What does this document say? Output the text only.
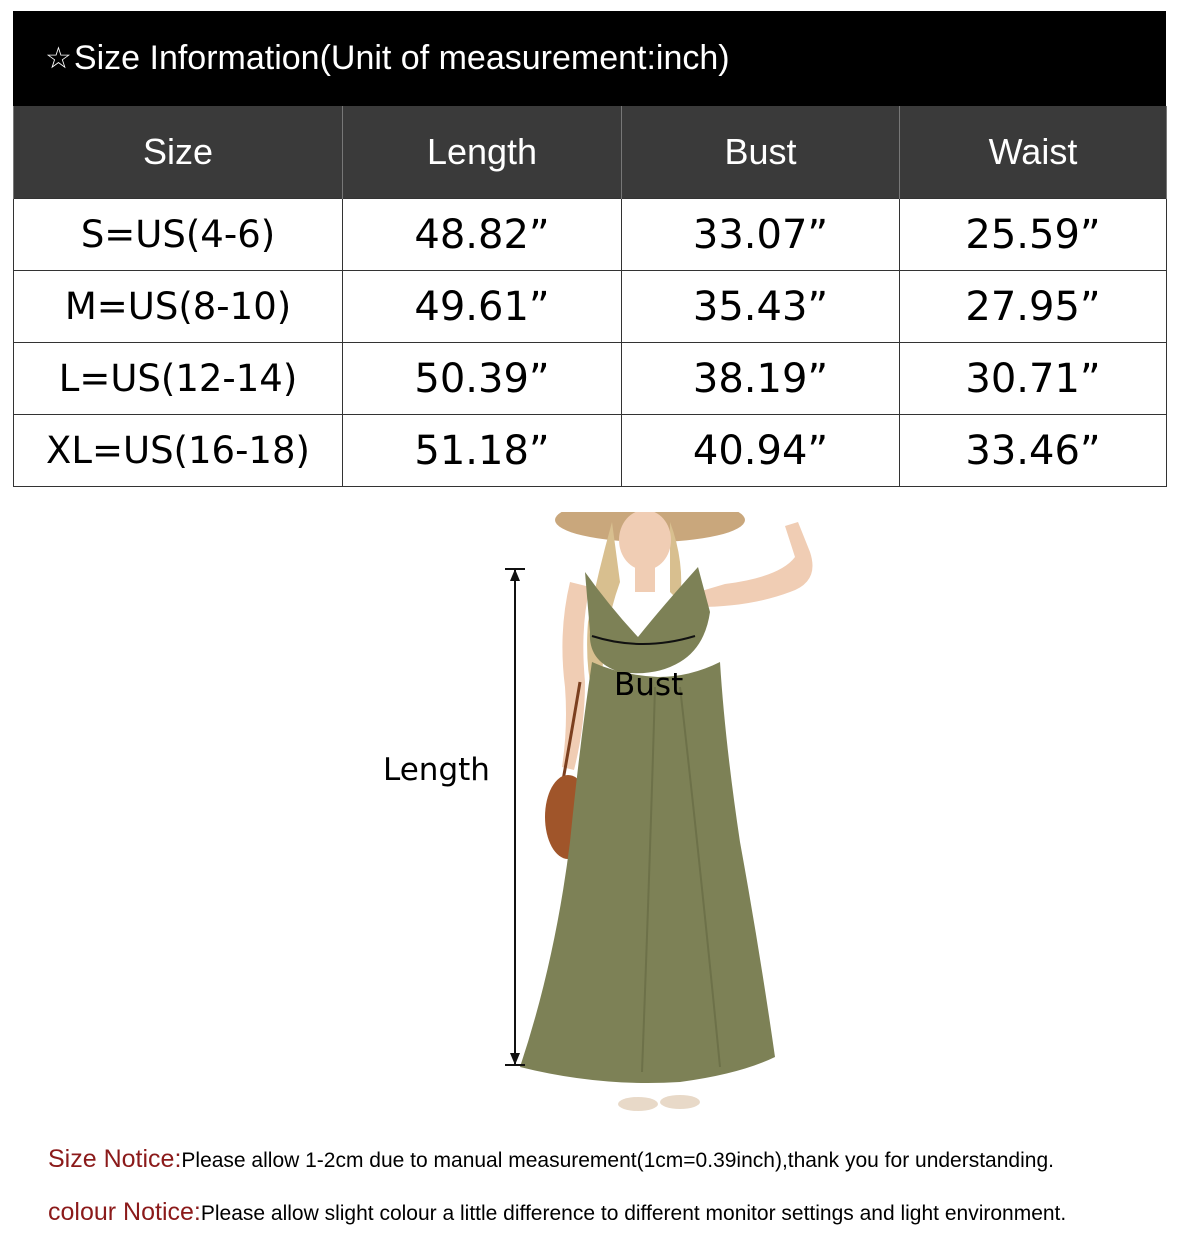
☆ Size Information(Unit of measurement:inch)
Size	Length	Bust	Waist
S=US(4-6)	48.82”	33.07”	25.59”
M=US(8-10)	49.61”	35.43”	27.95”
L=US(12-14)	50.39”	38.19”	30.71”
XL=US(16-18)	51.18”	40.94”	33.46”
Length
Bust
Size Notice:Please allow 1-2cm due to manual measurement(1cm=0.39inch),thank you for understanding.
colour Notice:Please allow slight colour a little difference to different monitor settings and light environment.
